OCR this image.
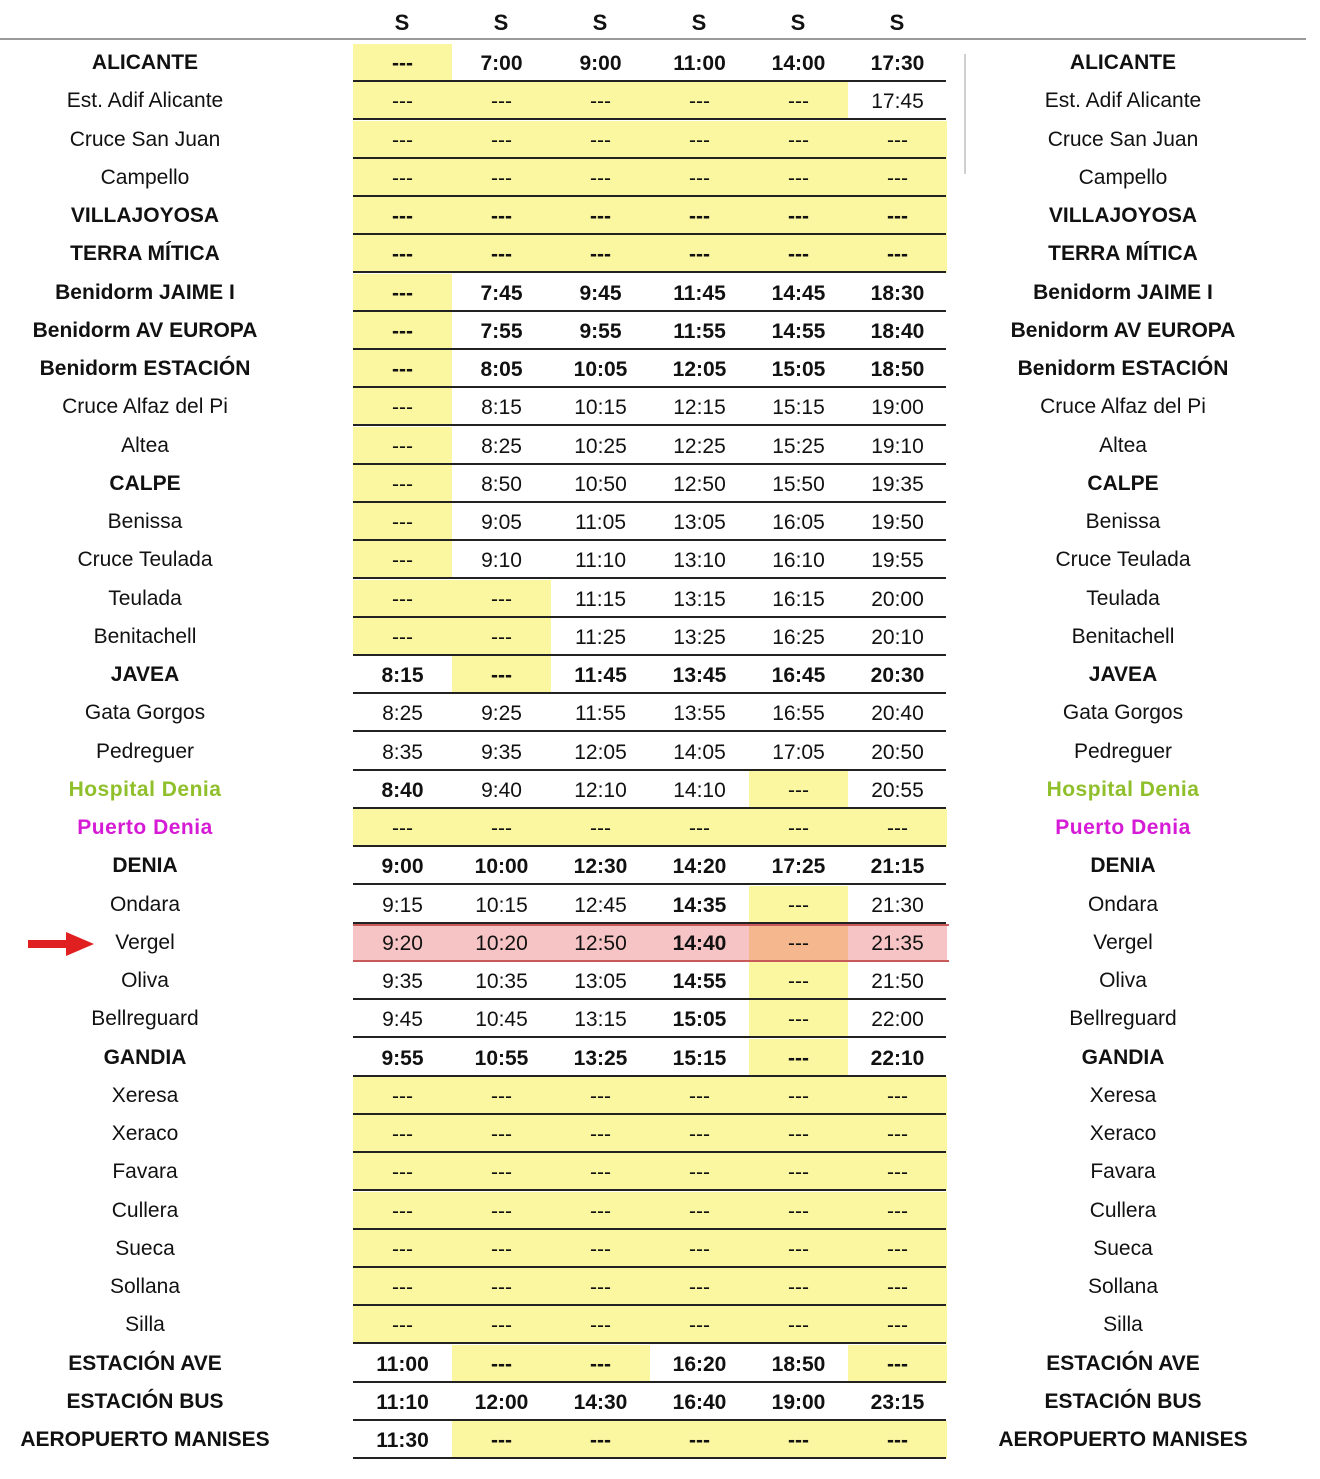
S	S	S	S	S	S
ALICANTE	---	7:00	9:00	11:00	14:00	17:30	ALICANTE
Est. Adif Alicante	---	---	---	---	---	17:45	Est. Adif Alicante
Cruce San Juan	---	---	---	---	---	---	Cruce San Juan
Campello	---	---	---	---	---	---	Campello
VILLAJOYOSA	---	---	---	---	---	---	VILLAJOYOSA
TERRA MÍTICA	---	---	---	---	---	---	TERRA MÍTICA
Benidorm JAIME I	---	7:45	9:45	11:45	14:45	18:30	Benidorm JAIME I
Benidorm AV EUROPA	---	7:55	9:55	11:55	14:55	18:40	Benidorm AV EUROPA
Benidorm ESTACIÓN	---	8:05	10:05	12:05	15:05	18:50	Benidorm ESTACIÓN
Cruce Alfaz del Pi	---	8:15	10:15	12:15	15:15	19:00	Cruce Alfaz del Pi
Altea	---	8:25	10:25	12:25	15:25	19:10	Altea
CALPE	---	8:50	10:50	12:50	15:50	19:35	CALPE
Benissa	---	9:05	11:05	13:05	16:05	19:50	Benissa
Cruce Teulada	---	9:10	11:10	13:10	16:10	19:55	Cruce Teulada
Teulada	---	---	11:15	13:15	16:15	20:00	Teulada
Benitachell	---	---	11:25	13:25	16:25	20:10	Benitachell
JAVEA	8:15	---	11:45	13:45	16:45	20:30	JAVEA
Gata Gorgos	8:25	9:25	11:55	13:55	16:55	20:40	Gata Gorgos
Pedreguer	8:35	9:35	12:05	14:05	17:05	20:50	Pedreguer
Hospital Denia	8:40	9:40	12:10	14:10	---	20:55	Hospital Denia
Puerto Denia	---	---	---	---	---	---	Puerto Denia
DENIA	9:00	10:00	12:30	14:20	17:25	21:15	DENIA
Ondara	9:15	10:15	12:45	14:35	---	21:30	Ondara
Vergel	9:20	10:20	12:50	14:40	---	21:35	Vergel
Oliva	9:35	10:35	13:05	14:55	---	21:50	Oliva
Bellreguard	9:45	10:45	13:15	15:05	---	22:00	Bellreguard
GANDIA	9:55	10:55	13:25	15:15	---	22:10	GANDIA
Xeresa	---	---	---	---	---	---	Xeresa
Xeraco	---	---	---	---	---	---	Xeraco
Favara	---	---	---	---	---	---	Favara
Cullera	---	---	---	---	---	---	Cullera
Sueca	---	---	---	---	---	---	Sueca
Sollana	---	---	---	---	---	---	Sollana
Silla	---	---	---	---	---	---	Silla
ESTACIÓN AVE	11:00	---	---	16:20	18:50	---	ESTACIÓN AVE
ESTACIÓN BUS	11:10	12:00	14:30	16:40	19:00	23:15	ESTACIÓN BUS
AEROPUERTO MANISES	11:30	---	---	---	---	---	AEROPUERTO MANISES
